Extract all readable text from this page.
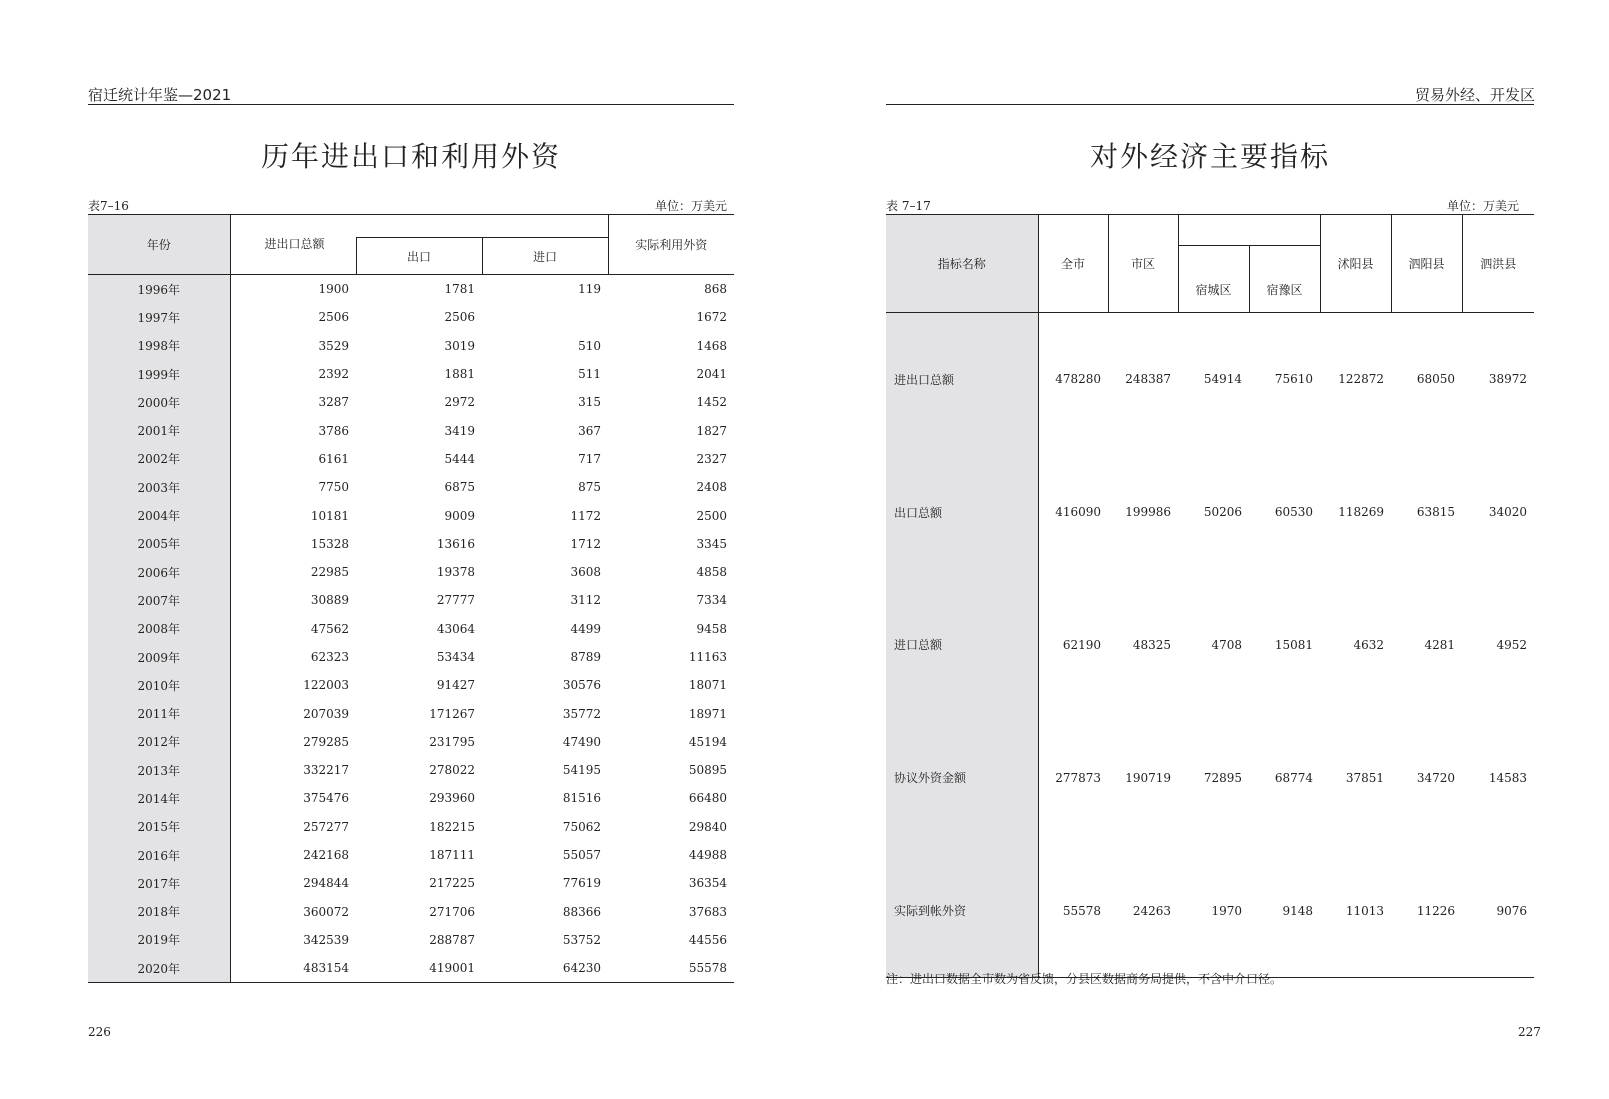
宿迁统计年鉴—2021
历年进出口和利用外资
表7–16	单位：万美元
年份	进出口总额			实际利用外资
		出口	进口	
1996年	1900	1781	119	868
1997年	2506	2506		1672
1998年	3529	3019	510	1468
1999年	2392	1881	511	2041
2000年	3287	2972	315	1452
2001年	3786	3419	367	1827
2002年	6161	5444	717	2327
2003年	7750	6875	875	2408
2004年	10181	9009	1172	2500
2005年	15328	13616	1712	3345
2006年	22985	19378	3608	4858
2007年	30889	27777	3112	7334
2008年	47562	43064	4499	9458
2009年	62323	53434	8789	11163
2010年	122003	91427	30576	18071
2011年	207039	171267	35772	18971
2012年	279285	231795	47490	45194
2013年	332217	278022	54195	50895
2014年	375476	293960	81516	66480
2015年	257277	182215	75062	29840
2016年	242168	187111	55057	44988
2017年	294844	217225	77619	36354
2018年	360072	271706	88366	37683
2019年	342539	288787	53752	44556
2020年	483154	419001	64230	55578
226
贸易外经、开发区
对外经济主要指标
表 7–17	单位：万美元
指标名称	全市	市区			沭阳县	泗阳县	泗洪县
			宿城区	宿豫区			
进出口总额	478280	248387	54914	75610	122872	68050	38972
出口总额	416090	199986	50206	60530	118269	63815	34020
进口总额	62190	48325	4708	15081	4632	4281	4952
协议外资金额	277873	190719	72895	68774	37851	34720	14583
实际到帐外资	55578	24263	1970	9148	11013	11226	9076
注：进出口数据全市数为省反馈，分县区数据商务局提供，不含中介口径。
227
